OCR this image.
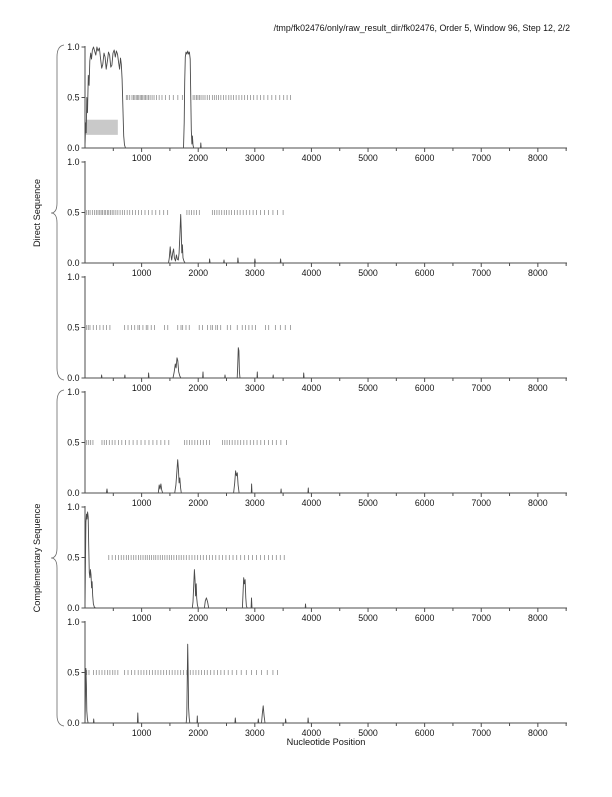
/tmp/fk02476/only/raw_result_dir/fk02476, Order 5, Window 96, Step 12, 2/2
Direct Sequence
Complementary Sequence
0.0
0.5
1.0
1000	2000	3000	4000	5000	6000	7000	8000
0.0
0.5
1.0
1000	2000	3000	4000	5000	6000	7000	8000
0.0
0.5
1.0
1000	2000	3000	4000	5000	6000	7000	8000
0.0
0.5
1.0
1000	2000	3000	4000	5000	6000	7000	8000
0.0
0.5
1.0
1000	2000	3000	4000	5000	6000	7000	8000
0.0
0.5
1.0
1000	2000	3000	4000	5000	6000	7000	8000
Nucleotide Position
